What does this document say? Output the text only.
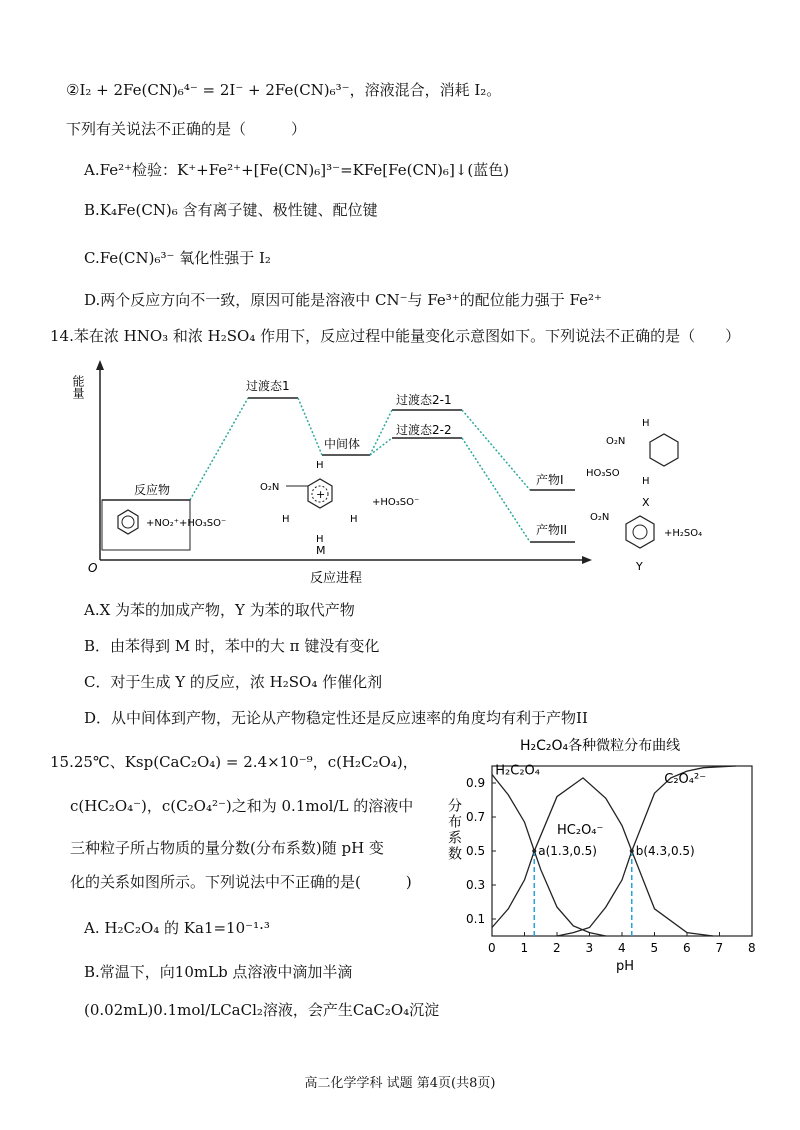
②I₂ + 2Fe(CN)₆⁴⁻ = 2I⁻ + 2Fe(CN)₆³⁻，溶液混合，消耗 I₂。
下列有关说法不正确的是（　　　）
A.Fe²⁺检验：K⁺+Fe²⁺+[Fe(CN)₆]³⁻=KFe[Fe(CN)₆]↓(蓝色)
B.K₄Fe(CN)₆ 含有离子键、极性键、配位键
C.Fe(CN)₆³⁻ 氧化性强于 I₂
D.两个反应方向不一致，原因可能是溶液中 CN⁻与 Fe³⁺的配位能力强于 Fe²⁺
14.苯在浓 HNO₃ 和浓 H₂SO₄ 作用下，反应过程中能量变化示意图如下。下列说法不正确的是（　　）
能量
O
反应进程
反应物
过渡态1
中间体
过渡态2-1
过渡态2-2
产物I
产物II
+NO₂⁺+HO₃SO⁻
+
O₂N
H
H
H
H
M
+HO₃SO⁻
O₂N
HO₃SO
H
H
X
O₂N
+H₂SO₄
Y
A.X 为苯的加成产物，Y 为苯的取代产物
B．由苯得到 M 时，苯中的大 π 键没有变化
C．对于生成 Y 的反应，浓 H₂SO₄ 作催化剂
D．从中间体到产物，无论从产物稳定性还是反应速率的角度均有利于产物II
15.25℃、Ksp(CaC₂O₄) = 2.4×10⁻⁹，c(H₂C₂O₄)，
c(HC₂O₄⁻)，c(C₂O₄²⁻)之和为 0.1mol/L 的溶液中
三种粒子所占物质的量分数(分布系数)随 pH 变
化的关系如图所示。下列说法中不正确的是(　　　)
A. H₂C₂O₄ 的 Ka1=10⁻¹·³
B.常温下，向10mLb 点溶液中滴加半滴
(0.02mL)0.1mol/LCaCl₂溶液，会产生CaC₂O₄沉淀
H₂C₂O₄各种微粒分布曲线
分布系数
pH
0 1 2 3 4 5 6 7 8
0.1
0.3
0.5
0.7
0.9
H₂C₂O₄
HC₂O₄⁻
C₂O₄²⁻
a(1.3,0.5)	b(4.3,0.5)
高二化学学科 试题 第4页(共8页)
